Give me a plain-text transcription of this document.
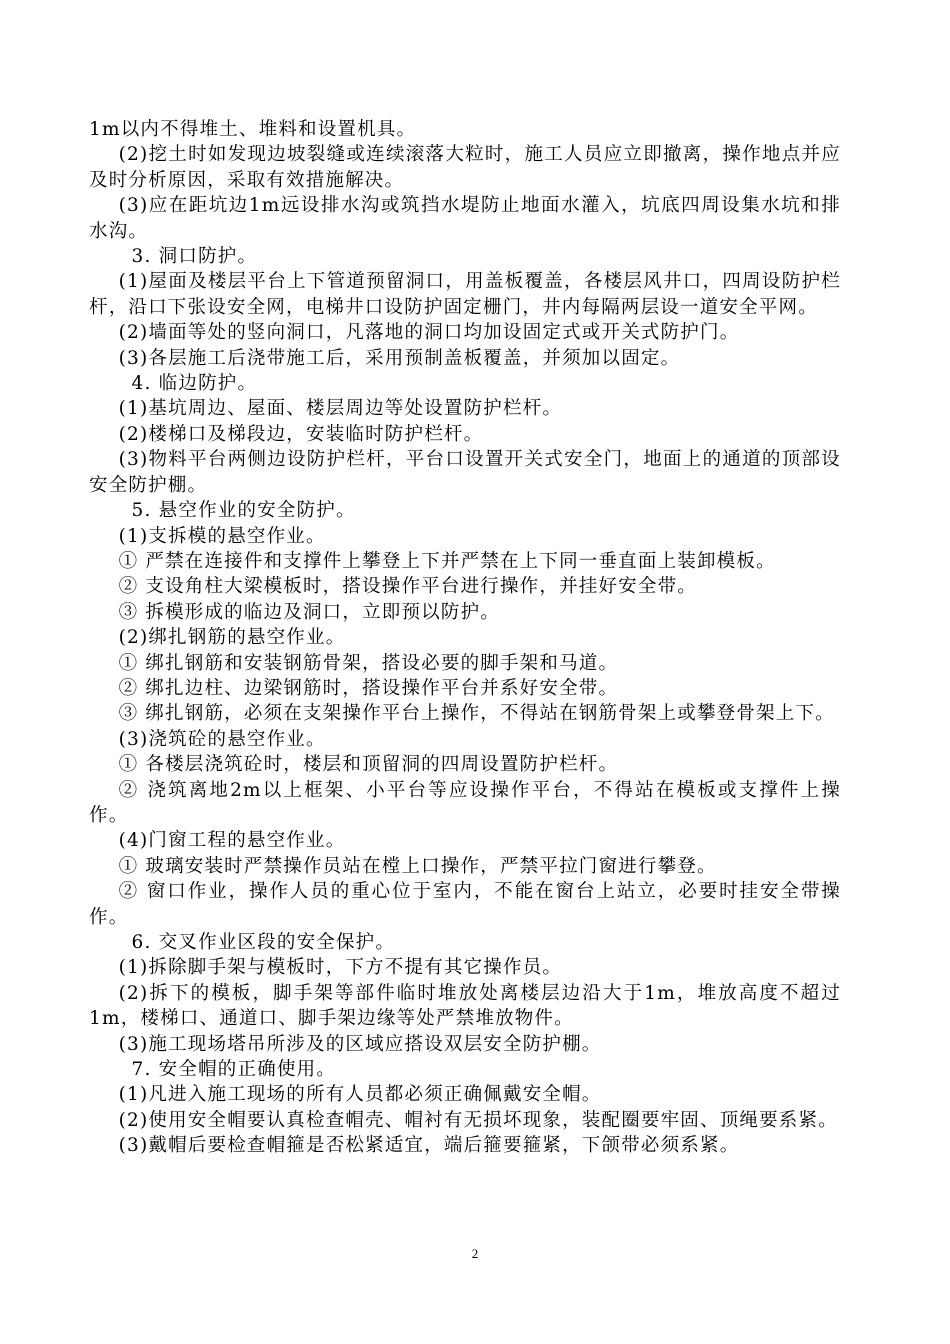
1m以内不得堆土、堆料和设置机具。

(2)挖土时如发现边坡裂缝或连续滚落大粒时，施工人员应立即撤离，操作地点并应及时分析原因，采取有效措施解决。

(3)应在距坑边1m远设排水沟或筑挡水堤防止地面水灌入，坑底四周设集水坑和排水沟。

3. 洞口防护。

(1)屋面及楼层平台上下管道预留洞口，用盖板覆盖，各楼层风井口，四周设防护栏杆，沿口下张设安全网，电梯井口设防护固定栅门，井内每隔两层设一道安全平网。

(2)墙面等处的竖向洞口，凡落地的洞口均加设固定式或开关式防护门。

(3)各层施工后浇带施工后，采用预制盖板覆盖，并须加以固定。

4. 临边防护。

(1)基坑周边、屋面、楼层周边等处设置防护栏杆。

(2)楼梯口及梯段边，安装临时防护栏杆。

(3)物料平台两侧边设防护栏杆，平台口设置开关式安全门，地面上的通道的顶部设安全防护棚。

5. 悬空作业的安全防护。

(1)支拆模的悬空作业。

① 严禁在连接件和支撑件上攀登上下并严禁在上下同一垂直面上装卸模板。

② 支设角柱大梁模板时，搭设操作平台进行操作，并挂好安全带。

③ 拆模形成的临边及洞口，立即预以防护。

(2)绑扎钢筋的悬空作业。

① 绑扎钢筋和安装钢筋骨架，搭设必要的脚手架和马道。

② 绑扎边柱、边梁钢筋时，搭设操作平台并系好安全带。

③ 绑扎钢筋，必须在支架操作平台上操作，不得站在钢筋骨架上或攀登骨架上下。

(3)浇筑砼的悬空作业。

① 各楼层浇筑砼时，楼层和顶留洞的四周设置防护栏杆。

② 浇筑离地2m以上框架、小平台等应设操作平台，不得站在模板或支撑件上操作。

(4)门窗工程的悬空作业。

① 玻璃安装时严禁操作员站在樘上口操作，严禁平拉门窗进行攀登。

② 窗口作业，操作人员的重心位于室内，不能在窗台上站立，必要时挂安全带操作。

6. 交叉作业区段的安全保护。

(1)拆除脚手架与模板时，下方不提有其它操作员。

(2)拆下的模板，脚手架等部件临时堆放处离楼层边沿大于1m，堆放高度不超过1m，楼梯口、通道口、脚手架边缘等处严禁堆放物件。

(3)施工现场塔吊所涉及的区域应搭设双层安全防护棚。

7. 安全帽的正确使用。

(1)凡进入施工现场的所有人员都必须正确佩戴安全帽。

(2)使用安全帽要认真检查帽壳、帽衬有无损坏现象，装配圈要牢固、顶绳要系紧。

(3)戴帽后要检查帽箍是否松紧适宜，端后箍要箍紧，下颌带必须系紧。

2
